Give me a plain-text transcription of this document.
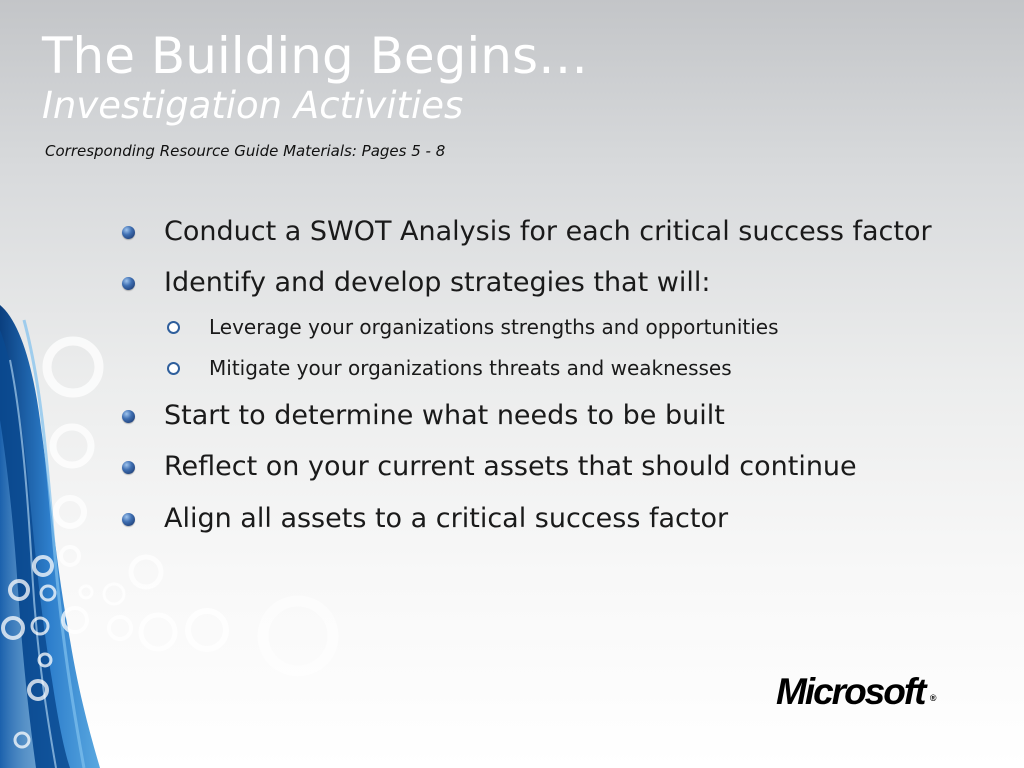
The Building Begins…
Investigation Activities

Corresponding Resource Guide Materials: Pages 5 - 8

Conduct a SWOT Analysis for each critical success factor
Identify and develop strategies that will:
Leverage your organizations strengths and opportunities
Mitigate your organizations threats and weaknesses
Start to determine what needs to be built
Reflect on your current assets that should continue
Align all assets to a critical success factor
Microsoft ®
